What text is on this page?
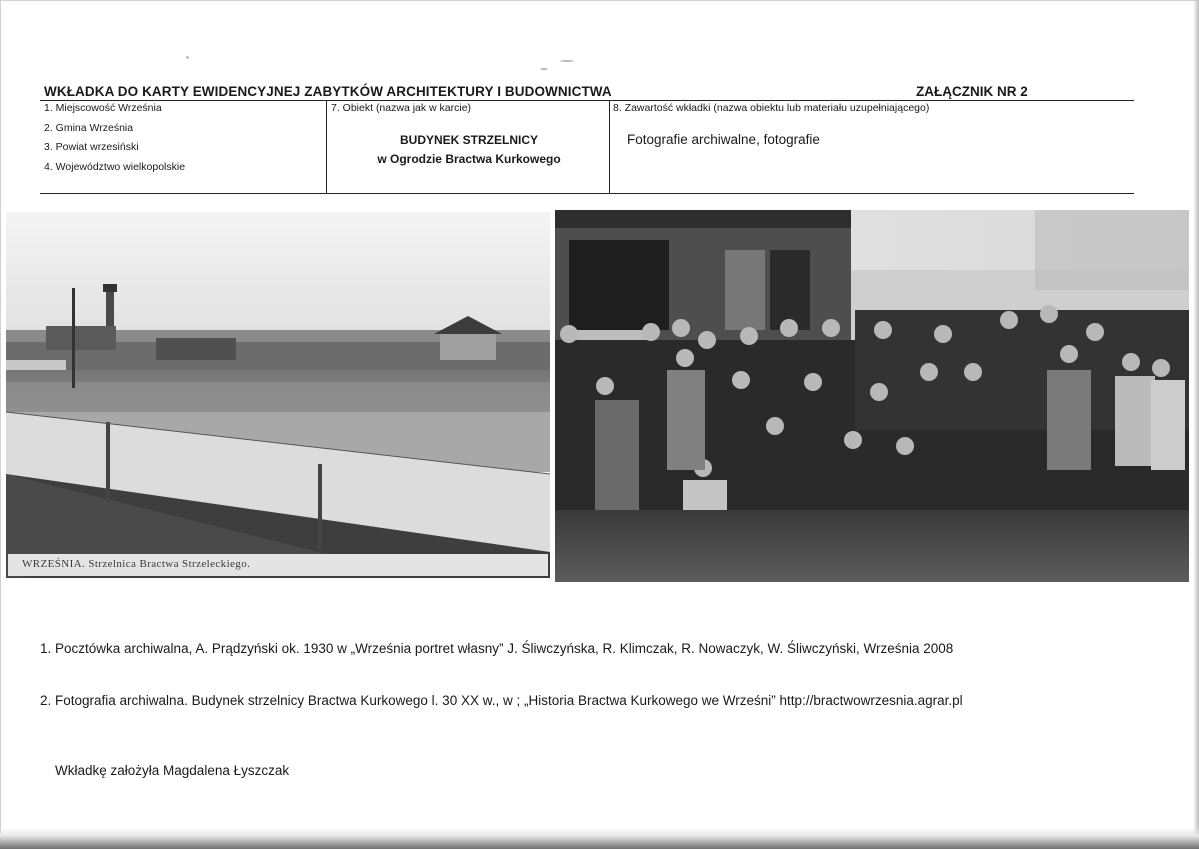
WKŁADKA DO KARTY EWIDENCYJNEJ ZABYTKÓW ARCHITEKTURY I BUDOWNICTWA	ZAŁĄCZNIK NR 2
1. Miejscowość Września
2. Gmina Września
3. Powiat wrzesiński
4. Województwo wielkopolskie
7. Obiekt (nazwa jak w karcie)
BUDYNEK STRZELNICY
w Ogrodzie Bractwa Kurkowego
8. Zawartość wkładki (nazwa obiektu lub materiału uzupełniającego)
Fotografie archiwalne, fotografie
WRZEŚNIA. Strzelnica Bractwa Strzeleckiego.
1. Pocztówka archiwalna, A. Prądzyński ok. 1930 w „Września portret własny” J. Śliwczyńska, R. Klimczak, R. Nowaczyk, W. Śliwczyński, Września 2008
2. Fotografia archiwalna. Budynek strzelnicy Bractwa Kurkowego l. 30 XX w., w ; „Historia Bractwa Kurkowego we Wrześni” http://bractwowrzesnia.agrar.pl
Wkładkę założyła Magdalena Łyszczak
